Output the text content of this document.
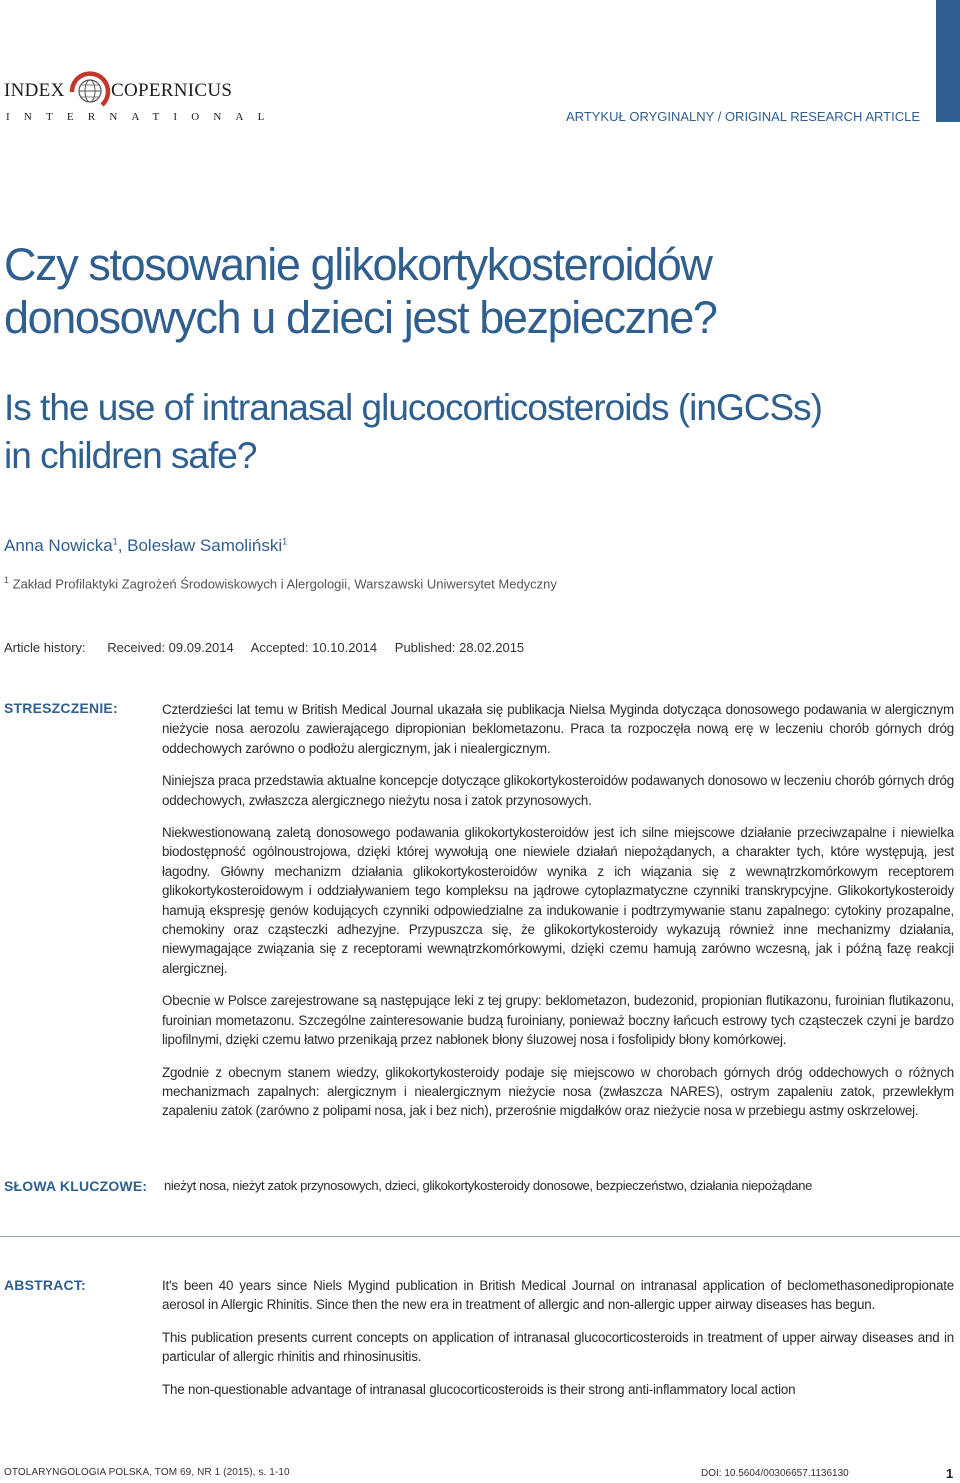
INDEX COPERNICUS
INTERNATIONAL	ARTYKUŁ ORYGINALNY / ORIGINAL RESEARCH ARTICLE
Czy stosowanie glikokortykosteroidów
donosowych u dzieci jest bezpieczne?
Is the use of intranasal glucocorticosteroids (inGCSs)
in children safe?
Anna Nowicka$^1$, Bolesław Samoliński$^1$
$^1$ Zakład Profilaktyki Zagrożeń Środowiskowych i Alergologii, Warszawski Uniwersytet Medyczny
Article history: Received: 09.09.2014 Accepted: 10.10.2014 Published: 28.02.2015
STRESZCZENIE:	Czterdzieści lat temu w British Medical Journal ukazała się publikacja Nielsa Myginda dotycząca donosowego podawania w alergicznym nieżycie nosa aerozolu zawierającego dipropionian beklometazonu. Praca ta rozpoczęła nową erę w leczeniu chorób górnych dróg oddechowych zarówno o podłożu alergicznym, jak i niealergicznym.

Niniejsza praca przedstawia aktualne koncepcje dotyczące glikokortykosteroidów podawanych donosowo w leczeniu chorób górnych dróg oddechowych, zwłaszcza alergicznego nieżytu nosa i zatok przynosowych.

Niekwestionowaną zaletą donosowego podawania glikokortykosteroidów jest ich silne miejscowe działanie przeciwzapalne i niewielka biodostępność ogólnoustrojowa, dzięki której wywołują one niewiele działań niepożądanych, a charakter tych, które występują, jest łagodny. Główny mechanizm działania glikokortykosteroidów wynika z ich wiązania się z wewnątrzkomórkowym receptorem glikokortykosteroidowym i oddziaływaniem tego kompleksu na jądrowe cytoplazmatyczne czynniki transkrypcyjne. Glikokortykosteroidy hamują ekspresję genów kodujących czynniki odpowiedzialne za indukowanie i podtrzymywanie stanu zapalnego: cytokiny prozapalne, chemokiny oraz cząsteczki adhezyjne. Przypuszcza się, że glikokortykosteroidy wykazują również inne mechanizmy działania, niewymagające związania się z receptorami wewnątrzkomórkowymi, dzięki czemu hamują zarówno wczesną, jak i późną fazę reakcji alergicznej.

Obecnie w Polsce zarejestrowane są następujące leki z tej grupy: beklometazon, budezonid, propionian flutikazonu, furoinian flutikazonu, furoinian mometazonu. Szczególne zainteresowanie budzą furoiniany, ponieważ boczny łańcuch estrowy tych cząsteczek czyni je bardzo lipofilnymi, dzięki czemu łatwo przenikają przez nabłonek błony śluzowej nosa i fosfolipidy błony komórkowej.

Zgodnie z obecnym stanem wiedzy, glikokortykosteroidy podaje się miejscowo w chorobach górnych dróg oddechowych o różnych mechanizmach zapalnych: alergicznym i niealergicznym nieżycie nosa (zwłaszcza NARES), ostrym zapaleniu zatok, przewlekłym zapaleniu zatok (zarówno z polipami nosa, jak i bez nich), przerośnie migdałków oraz nieżycie nosa w przebiegu astmy oskrzelowej.

SŁOWA KLUCZOWE: nieżyt nosa, nieżyt zatok przynosowych, dzieci, glikokortykosteroidy donosowe, bezpieczeństwo, działania niepożądane
ABSTRACT:	It's been 40 years since Niels Mygind publication in British Medical Journal on intranasal application of beclomethasonedipropionate aerosol in Allergic Rhinitis. Since then the new era in treatment of allergic and non-allergic upper airway diseases has begun.

This publication presents current concepts on application of intranasal glucocorticosteroids in treatment of upper airway diseases and in particular of allergic rhinitis and rhinosinusitis.

The non-questionable advantage of intranasal glucocorticosteroids is their strong anti-inflammatory local action

OTOLARYNGOLOGIA POLSKA, TOM 69, NR 1 (2015), s. 1-10	DOI: 10.5604/00306657.1136130	1
